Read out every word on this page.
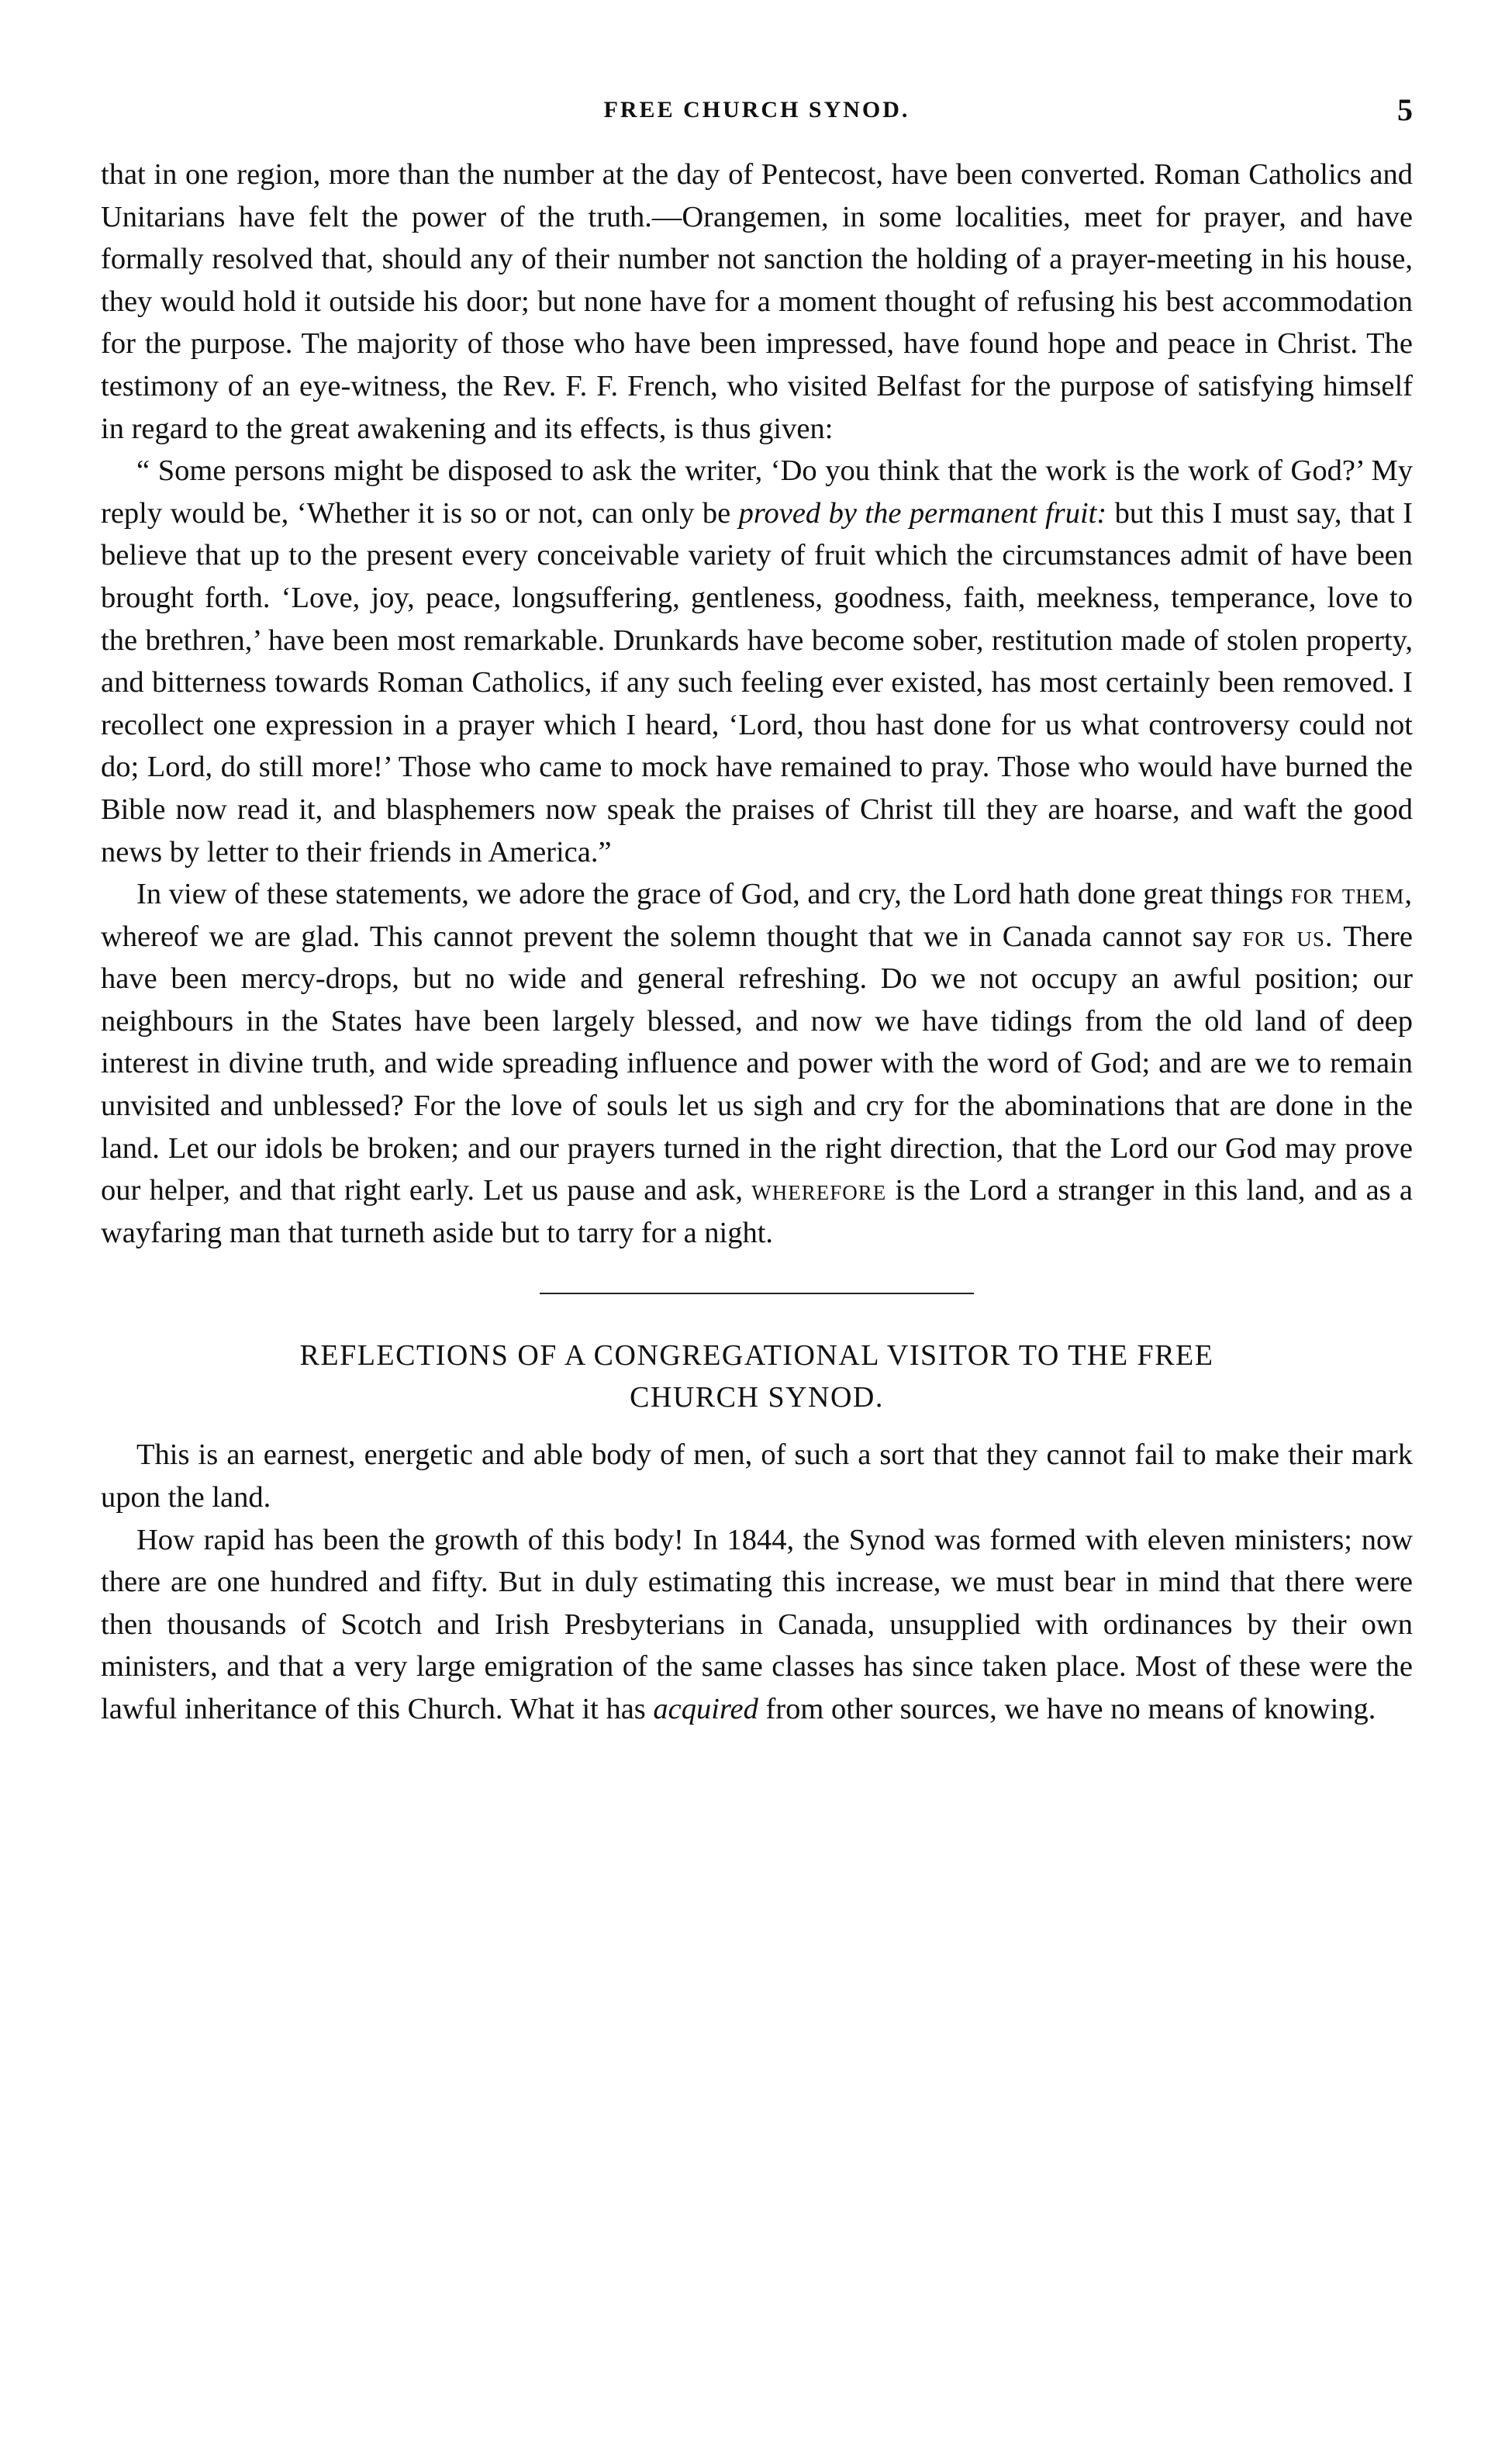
FREE CHURCH SYNOD.	5

that in one region, more than the number at the day of Pentecost, have been converted. Roman Catholics and Unitarians have felt the power of the truth.—Orangemen, in some localities, meet for prayer, and have formally resolved that, should any of their number not sanction the holding of a prayer-meeting in his house, they would hold it outside his door; but none have for a moment thought of refusing his best accommodation for the purpose. The majority of those who have been impressed, have found hope and peace in Christ. The testimony of an eye-witness, the Rev. F. F. French, who visited Belfast for the purpose of satisfying himself in regard to the great awakening and its effects, is thus given:

“ Some persons might be disposed to ask the writer, ‘Do you think that the work is the work of God?’ My reply would be, ‘Whether it is so or not, can only be proved by the permanent fruit: but this I must say, that I believe that up to the present every conceivable variety of fruit which the circumstances admit of have been brought forth. ‘Love, joy, peace, longsuffering, gentleness, goodness, faith, meekness, temperance, love to the brethren,’ have been most remarkable. Drunkards have become sober, restitution made of stolen property, and bitterness towards Roman Catholics, if any such feeling ever existed, has most certainly been removed. I recollect one expression in a prayer which I heard, ‘Lord, thou hast done for us what controversy could not do; Lord, do still more!’ Those who came to mock have remained to pray. Those who would have burned the Bible now read it, and blasphemers now speak the praises of Christ till they are hoarse, and waft the good news by letter to their friends in America.”

In view of these statements, we adore the grace of God, and cry, the Lord hath done great things for them, whereof we are glad. This cannot prevent the solemn thought that we in Canada cannot say for us. There have been mercy-drops, but no wide and general refreshing. Do we not occupy an awful position; our neighbours in the States have been largely blessed, and now we have tidings from the old land of deep interest in divine truth, and wide spreading influence and power with the word of God; and are we to remain unvisited and unblessed? For the love of souls let us sigh and cry for the abominations that are done in the land. Let our idols be broken; and our prayers turned in the right direction, that the Lord our God may prove our helper, and that right early. Let us pause and ask, wherefore is the Lord a stranger in this land, and as a wayfaring man that turneth aside but to tarry for a night.

REFLECTIONS OF A CONGREGATIONAL VISITOR TO THE FREE
CHURCH SYNOD.

This is an earnest, energetic and able body of men, of such a sort that they cannot fail to make their mark upon the land.

How rapid has been the growth of this body! In 1844, the Synod was formed with eleven ministers; now there are one hundred and fifty. But in duly estimating this increase, we must bear in mind that there were then thousands of Scotch and Irish Presbyterians in Canada, unsupplied with ordinances by their own ministers, and that a very large emigration of the same classes has since taken place. Most of these were the lawful inheritance of this Church. What it has acquired from other sources, we have no means of knowing.
